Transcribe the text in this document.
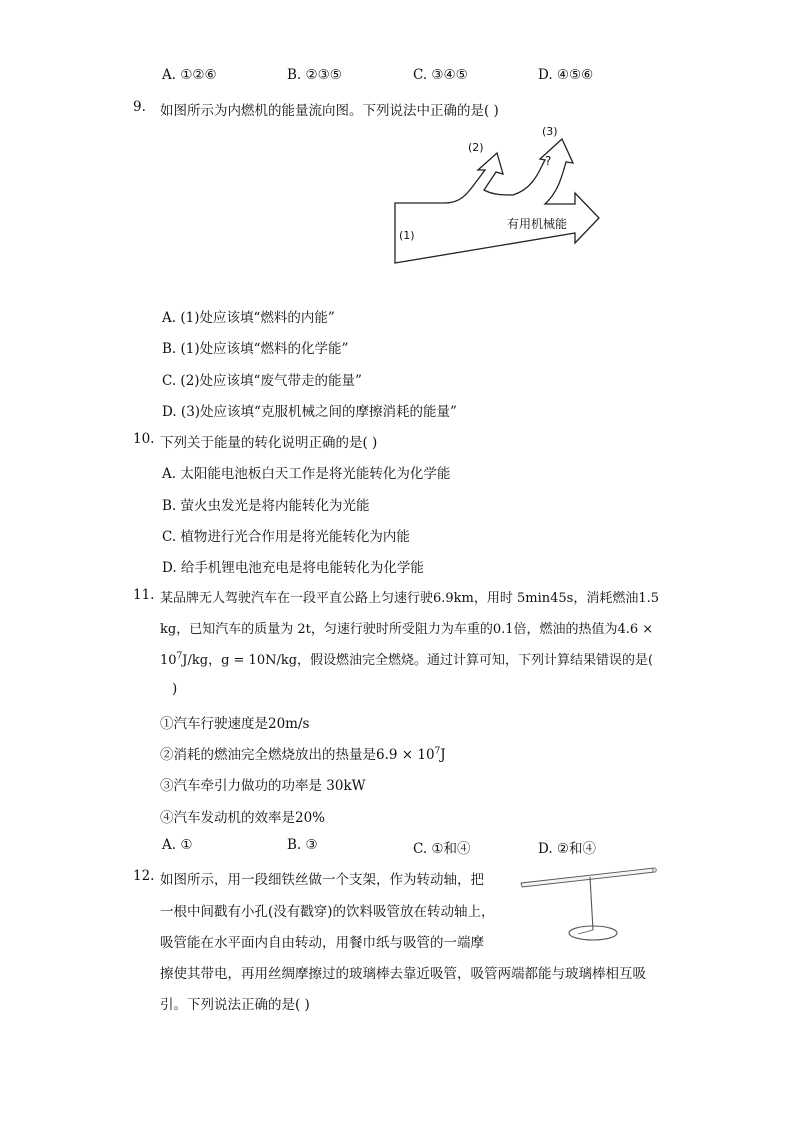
A. ①②⑥	B. ②③⑤	C. ③④⑤	D. ④⑤⑥
9. 如图所示为内燃机的能量流向图。下列说法中正确的是( )
(1)
(2)
(3)
?
有用机械能
A. (1)处应该填“燃料的内能”
B. (1)处应该填“燃料的化学能”
C. (2)处应该填“废气带走的能量”
D. (3)处应该填“克服机械之间的摩擦消耗的能量”
10. 下列关于能量的转化说明正确的是( )
A. 太阳能电池板白天工作是将光能转化为化学能
B. 萤火虫发光是将内能转化为光能
C. 植物进行光合作用是将光能转化为内能
D. 给手机锂电池充电是将电能转化为化学能
11. 某品牌无人驾驶汽车在一段平直公路上匀速行驶6.9km，用时 5min45s，消耗燃油1.5
kg，已知汽车的质量为 2t，匀速行驶时所受阻力为车重的0.1倍，燃油的热值为4.6 ×
$10^7J/kg$，g = 10N/kg，假设燃油完全燃烧。通过计算可知，下列计算结果错误的是(
)
①汽车行驶速度是20m/s
②消耗的燃油完全燃烧放出的热量是$6.9 \times 10^7J$
③汽车牵引力做功的功率是 30kW
④汽车发动机的效率是20%
A. ①	B. ③	C. ①和④	D. ②和④
12. 如图所示，用一段细铁丝做一个支架，作为转动轴，把
一根中间戳有小孔(没有戳穿)的饮料吸管放在转动轴上，
吸管能在水平面内自由转动，用餐巾纸与吸管的一端摩
擦使其带电，再用丝绸摩擦过的玻璃棒去靠近吸管，吸管两端都能与玻璃棒相互吸
引。下列说法正确的是( )
